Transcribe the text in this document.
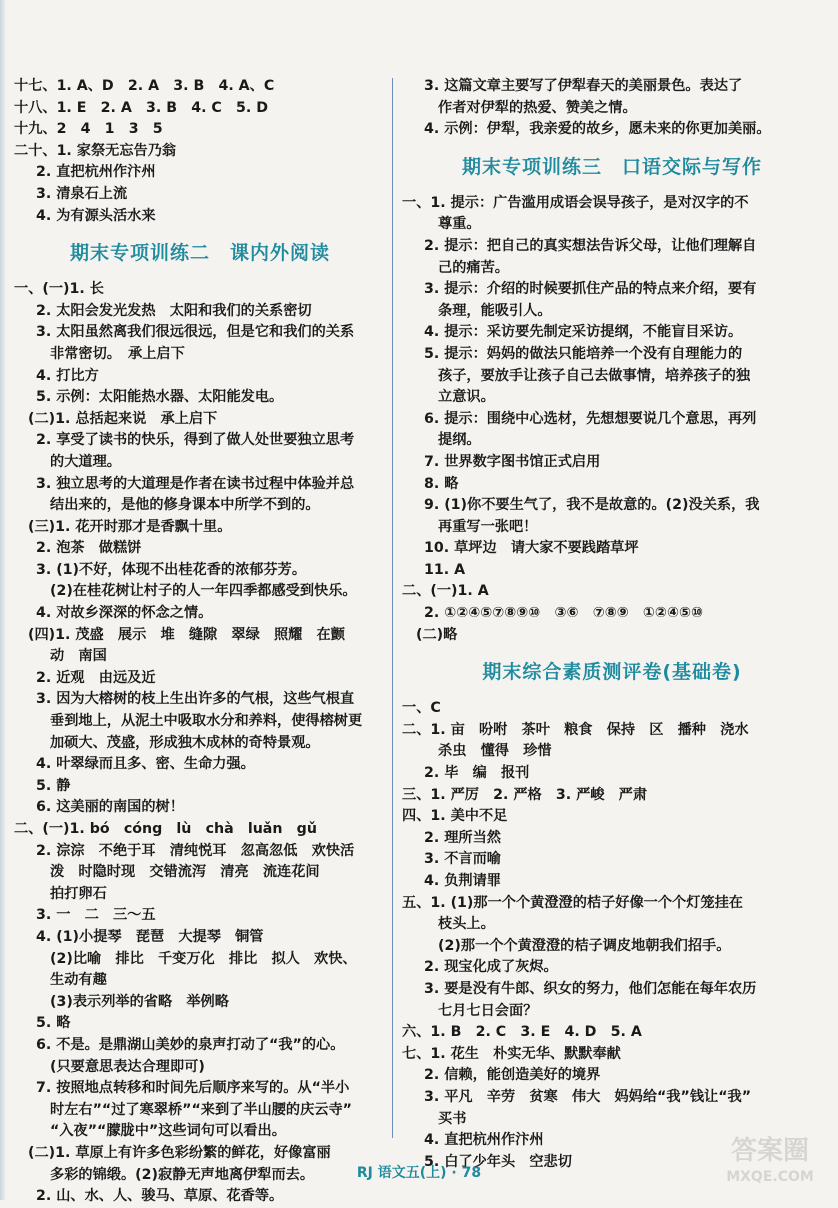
十七、1. A、D　2. A　3. B　4. A、C
十八、1. E　2. A　3. B　4. C　5. D
十九、2　4　1　3　5
二十、1. 家祭无忘告乃翁
2. 直把杭州作汴州
3. 清泉石上流
4. 为有源头活水来
期末专项训练二　课内外阅读
一、(一)1. 长
2. 太阳会发光发热　太阳和我们的关系密切
3. 太阳虽然离我们很远很远，但是它和我们的关系
非常密切。　承上启下
4. 打比方
5. 示例：太阳能热水器、太阳能发电。
(二)1. 总括起来说　承上启下
2. 享受了读书的快乐，得到了做人处世要独立思考
的大道理。
3. 独立思考的大道理是作者在读书过程中体验并总
结出来的，是他的修身课本中所学不到的。
(三)1. 花开时那才是香飘十里。
2. 泡茶　做糕饼
3. (1)不好，体现不出桂花香的浓郁芬芳。
(2)在桂花树让村子的人一年四季都感受到快乐。
4. 对故乡深深的怀念之情。
(四)1. 茂盛　展示　堆　缝隙　翠绿　照耀　在颤
动　南国
2. 近观　由远及近
3. 因为大榕树的枝上生出许多的气根，这些气根直
垂到地上，从泥土中吸取水分和养料，使得榕树更
加硕大、茂盛，形成独木成林的奇特景观。
4. 叶翠绿而且多、密、生命力强。
5. 静
6. 这美丽的南国的树！
二、(一)1. bó　cóng　lù　chà　luǎn　gǔ
2. 淙淙　不绝于耳　清纯悦耳　忽高忽低　欢快活
泼　时隐时现　交错流泻　清亮　流连花间
拍打卵石
3. 一　二　三～五
4. (1)小提琴　琵琶　大提琴　铜管
(2)比喻　排比　千变万化　排比　拟人　欢快、
生动有趣
(3)表示列举的省略　举例略
5. 略
6. 不是。是鼎湖山美妙的泉声打动了“我”的心。
(只要意思表达合理即可)
7. 按照地点转移和时间先后顺序来写的。从“半小
时左右”“过了寒翠桥”“来到了半山腰的庆云寺”
“入夜”“朦胧中”这些词句可以看出。
(二)1. 草原上有许多色彩纷繁的鲜花，好像富丽
多彩的锦缎。(2)寂静无声地离伊犁而去。
2. 山、水、人、骏马、草原、花香等。
3. 这篇文章主要写了伊犁春天的美丽景色。表达了
作者对伊犁的热爱、赞美之情。
4. 示例：伊犁，我亲爱的故乡，愿未来的你更加美丽。
期末专项训练三　口语交际与写作
一、1. 提示：广告滥用成语会误导孩子，是对汉字的不
尊重。
2. 提示：把自己的真实想法告诉父母，让他们理解自
己的痛苦。
3. 提示：介绍的时候要抓住产品的特点来介绍，要有
条理，能吸引人。
4. 提示：采访要先制定采访提纲，不能盲目采访。
5. 提示：妈妈的做法只能培养一个没有自理能力的
孩子，要放手让孩子自己去做事情，培养孩子的独
立意识。
6. 提示：围绕中心选材，先想想要说几个意思，再列
提纲。
7. 世界数字图书馆正式启用
8. 略
9. (1)你不要生气了，我不是故意的。(2)没关系，我
再重写一张吧！
10. 草坪边　请大家不要践踏草坪
11. A
二、(一)1. A
2. ①②④⑤⑦⑧⑨⑩　③⑥　⑦⑧⑨　①②④⑤⑩
(二)略
期末综合素质测评卷(基础卷)
一、C
二、1. 亩　吩咐　茶叶　粮食　保持　区　播种　浇水
杀虫　懂得　珍惜
2. 毕　编　报刊
三、1. 严厉　2. 严格　3. 严峻　严肃
四、1. 美中不足
2. 理所当然
3. 不言而喻
4. 负荆请罪
五、1. (1)那一个个黄澄澄的桔子好像一个个灯笼挂在
枝头上。
(2)那一个个黄澄澄的桔子调皮地朝我们招手。
2. 现宝化成了灰烬。
3. 要是没有牛郎、织女的努力，他们怎能在每年农历
七月七日会面？
六、1. B　2. C　3. E　4. D　5. A
七、1. 花生　朴实无华、默默奉献
2. 信赖，能创造美好的境界
3. 平凡　辛劳　贫寒　伟大　妈妈给“我”钱让“我”
买书
4. 直把杭州作汴州
5. 白了少年头　空悲切
RJ 语文五(上) · 78
答案圈
MXQE.COM
